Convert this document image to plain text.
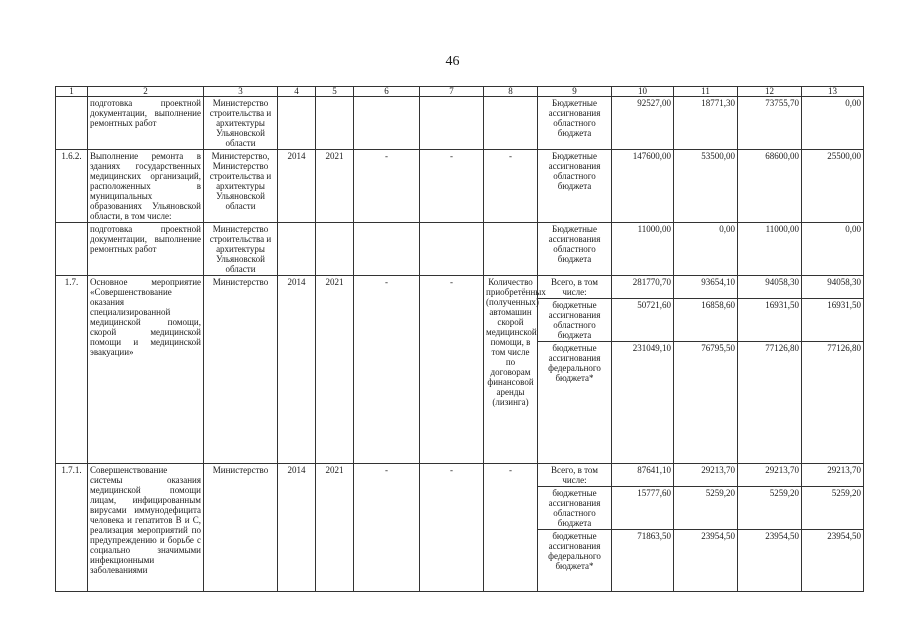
46
1	2	3	4	5	6	7	8	9	10	11	12	13
	подготовка проектной документации, выполнение ремонтных работ	Министерство строительства и архитектуры Ульяновской области						Бюджетные ассигнования областного бюджета	92527,00	18771,30	73755,70	0,00
1.6.2.	Выполнение ремонта в зданиях государственных медицинских организаций, расположенных в муниципальных образованиях Ульяновской области, в том числе:	Министерство, Министерство строительства и архитектуры Ульяновской области	2014	2021	-	-	-	Бюджетные ассигнования областного бюджета	147600,00	53500,00	68600,00	25500,00
	подготовка проектной документации, выполнение ремонтных работ	Министерство строительства и архитектуры Ульяновской области						Бюджетные ассигнования областного бюджета	11000,00	0,00	11000,00	0,00
1.7.	Основное мероприятие «Совершенствование оказания специализированной медицинской помощи, скорой медицинской помощи и медицинской эвакуации»	Министерство	2014	2021	-	-	Количество приобретённых (полученных) автомашин скорой медицинской помощи, в том числе по договорам финансовой аренды (лизинга)	Всего, в том числе:	281770,70	93654,10	94058,30	94058,30
								бюджетные ассигнования областного бюджета	50721,60	16858,60	16931,50	16931,50
								бюджетные ассигнования федерального бюджета*	231049,10	76795,50	77126,80	77126,80
1.7.1.	Совершенствование системы оказания медицинской помощи лицам, инфицированным вирусами иммунодефицита человека и гепатитов В и С, реализация мероприятий по предупреждению и борьбе с социально значимыми инфекционными заболеваниями	Министерство	2014	2021	-	-	-	Всего, в том числе:	87641,10	29213,70	29213,70	29213,70
								бюджетные ассигнования областного бюджета	15777,60	5259,20	5259,20	5259,20
								бюджетные ассигнования федерального бюджета*	71863,50	23954,50	23954,50	23954,50
